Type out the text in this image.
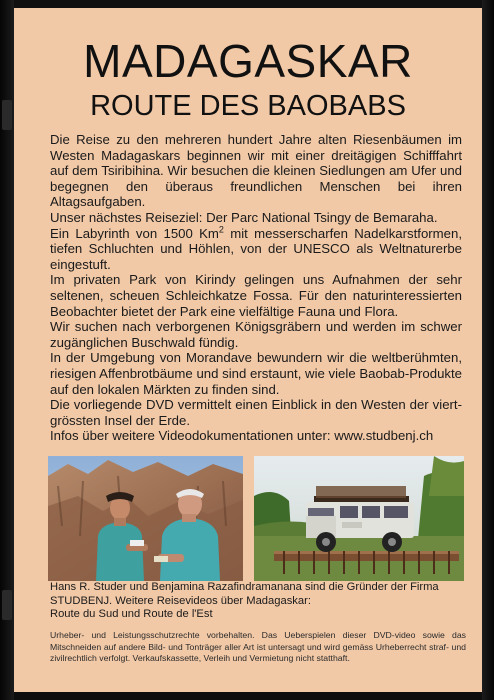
MADAGASKAR
ROUTE DES BAOBABS

Die Reise zu den mehreren hundert Jahre alten Riesenbäumen im Westen Madagaskars beginnen wir mit einer dreitägigen Schifffahrt auf dem Tsiribihina. Wir besuchen die kleinen Siedlungen am Ufer und begegnen den überaus freundlichen Menschen bei ihren Altagsaufgaben.

Unser nächstes Reiseziel: Der Parc National Tsingy de Bemaraha.

Ein Labyrinth von 1500 Km$^2$ mit messerscharfen Nadelkarstformen, tiefen Schluchten und Höhlen, von der UNESCO als Weltnaturerbe eingestuft.

Im privaten Park von Kirindy gelingen uns Aufnahmen der sehr seltenen, scheuen Schleichkatze Fossa. Für den naturinteressierten Beobachter bietet der Park eine vielfältige Fauna und Flora.

Wir suchen nach verborgenen Königsgräbern und werden im schwer zugänglichen Buschwald fündig.

In der Umgebung von Morandave bewundern wir die weltberühmten, riesigen Affenbrotbäume und sind erstaunt, wie viele Baobab-Produkte auf den lokalen Märkten zu finden sind.

Die vorliegende DVD vermittelt einen Einblick in den Westen der viert-grössten Insel der Erde.

Infos über weitere Videodokumentationen unter: www.studbenj.ch

Hans R. Studer und Benjamina Razafindramanana sind die Gründer der Firma STUDBENJ. Weitere Reisevideos über Madagaskar:

Route du Sud und Route de l'Est

Urheber- und Leistungsschutzrechte vorbehalten. Das Ueberspielen dieser DVD-video sowie das Mitschneiden auf andere Bild- und Tonträger aller Art ist untersagt und wird gemäss Urheberrecht straf- und zivilrechtlich verfolgt. Verkaufskassette, Verleih und Vermietung nicht statthaft.
